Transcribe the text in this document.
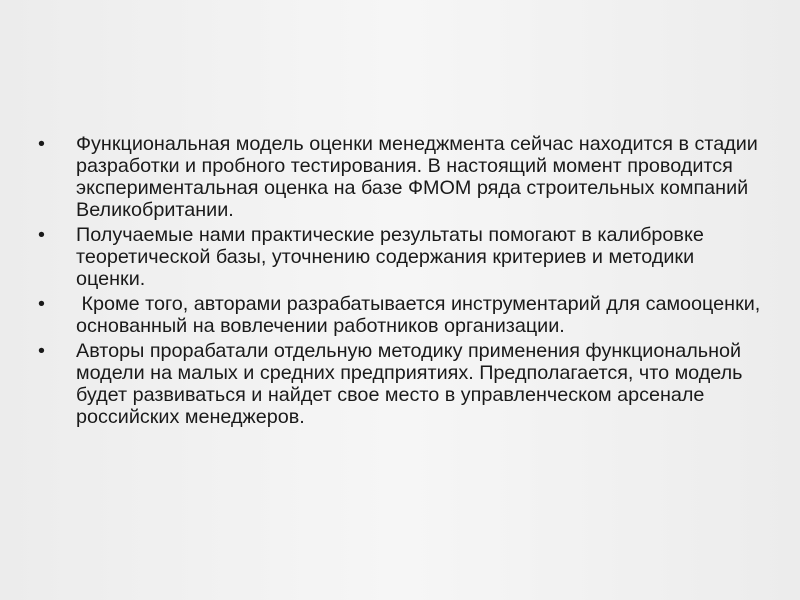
•	Функциональная модель оценки менеджмента сейчас находится в стадии разработки и пробного тестирования. В настоящий момент проводится экспериментальная оценка на базе ФМОМ ряда строительных компаний Великобритании.
•	Получаемые нами практические результаты помогают в калибровке теоретической базы, уточнению содержания критериев и методики оценки.
•	Кроме того, авторами разрабатывается инструментарий для самооценки, основанный на вовлечении работников организации.
•	Авторы прорабатали отдельную методику применения функциональной модели на малых и средних предприятиях. Предполагается, что модель будет развиваться и найдет свое место в управленческом арсенале российских менеджеров.
